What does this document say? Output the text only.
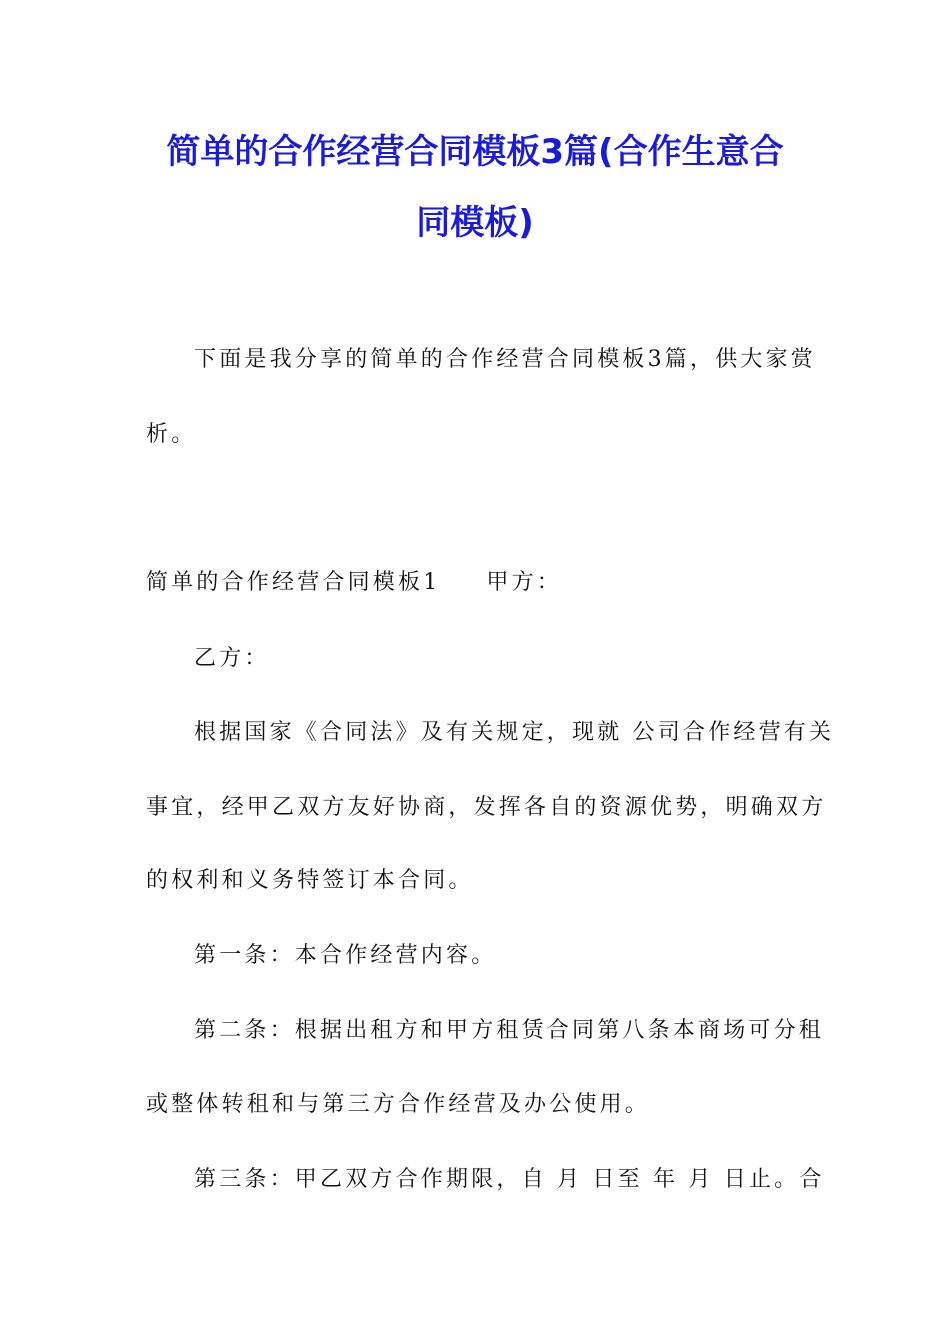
简单的合作经营合同模板3篇(合作生意合
同模板)
下面是我分享的简单的合作经营合同模板3篇，供大家赏
析。
简单的合作经营合同模板1 甲方：
乙方：
根据国家《合同法》及有关规定，现就 公司合作经营有关
事宜，经甲乙双方友好协商，发挥各自的资源优势，明确双方
的权利和义务特签订本合同。
第一条：本合作经营内容。
第二条：根据出租方和甲方租赁合同第八条本商场可分租
或整体转租和与第三方合作经营及办公使用。
第三条：甲乙双方合作期限，自 月 日至 年 月 日止。合
